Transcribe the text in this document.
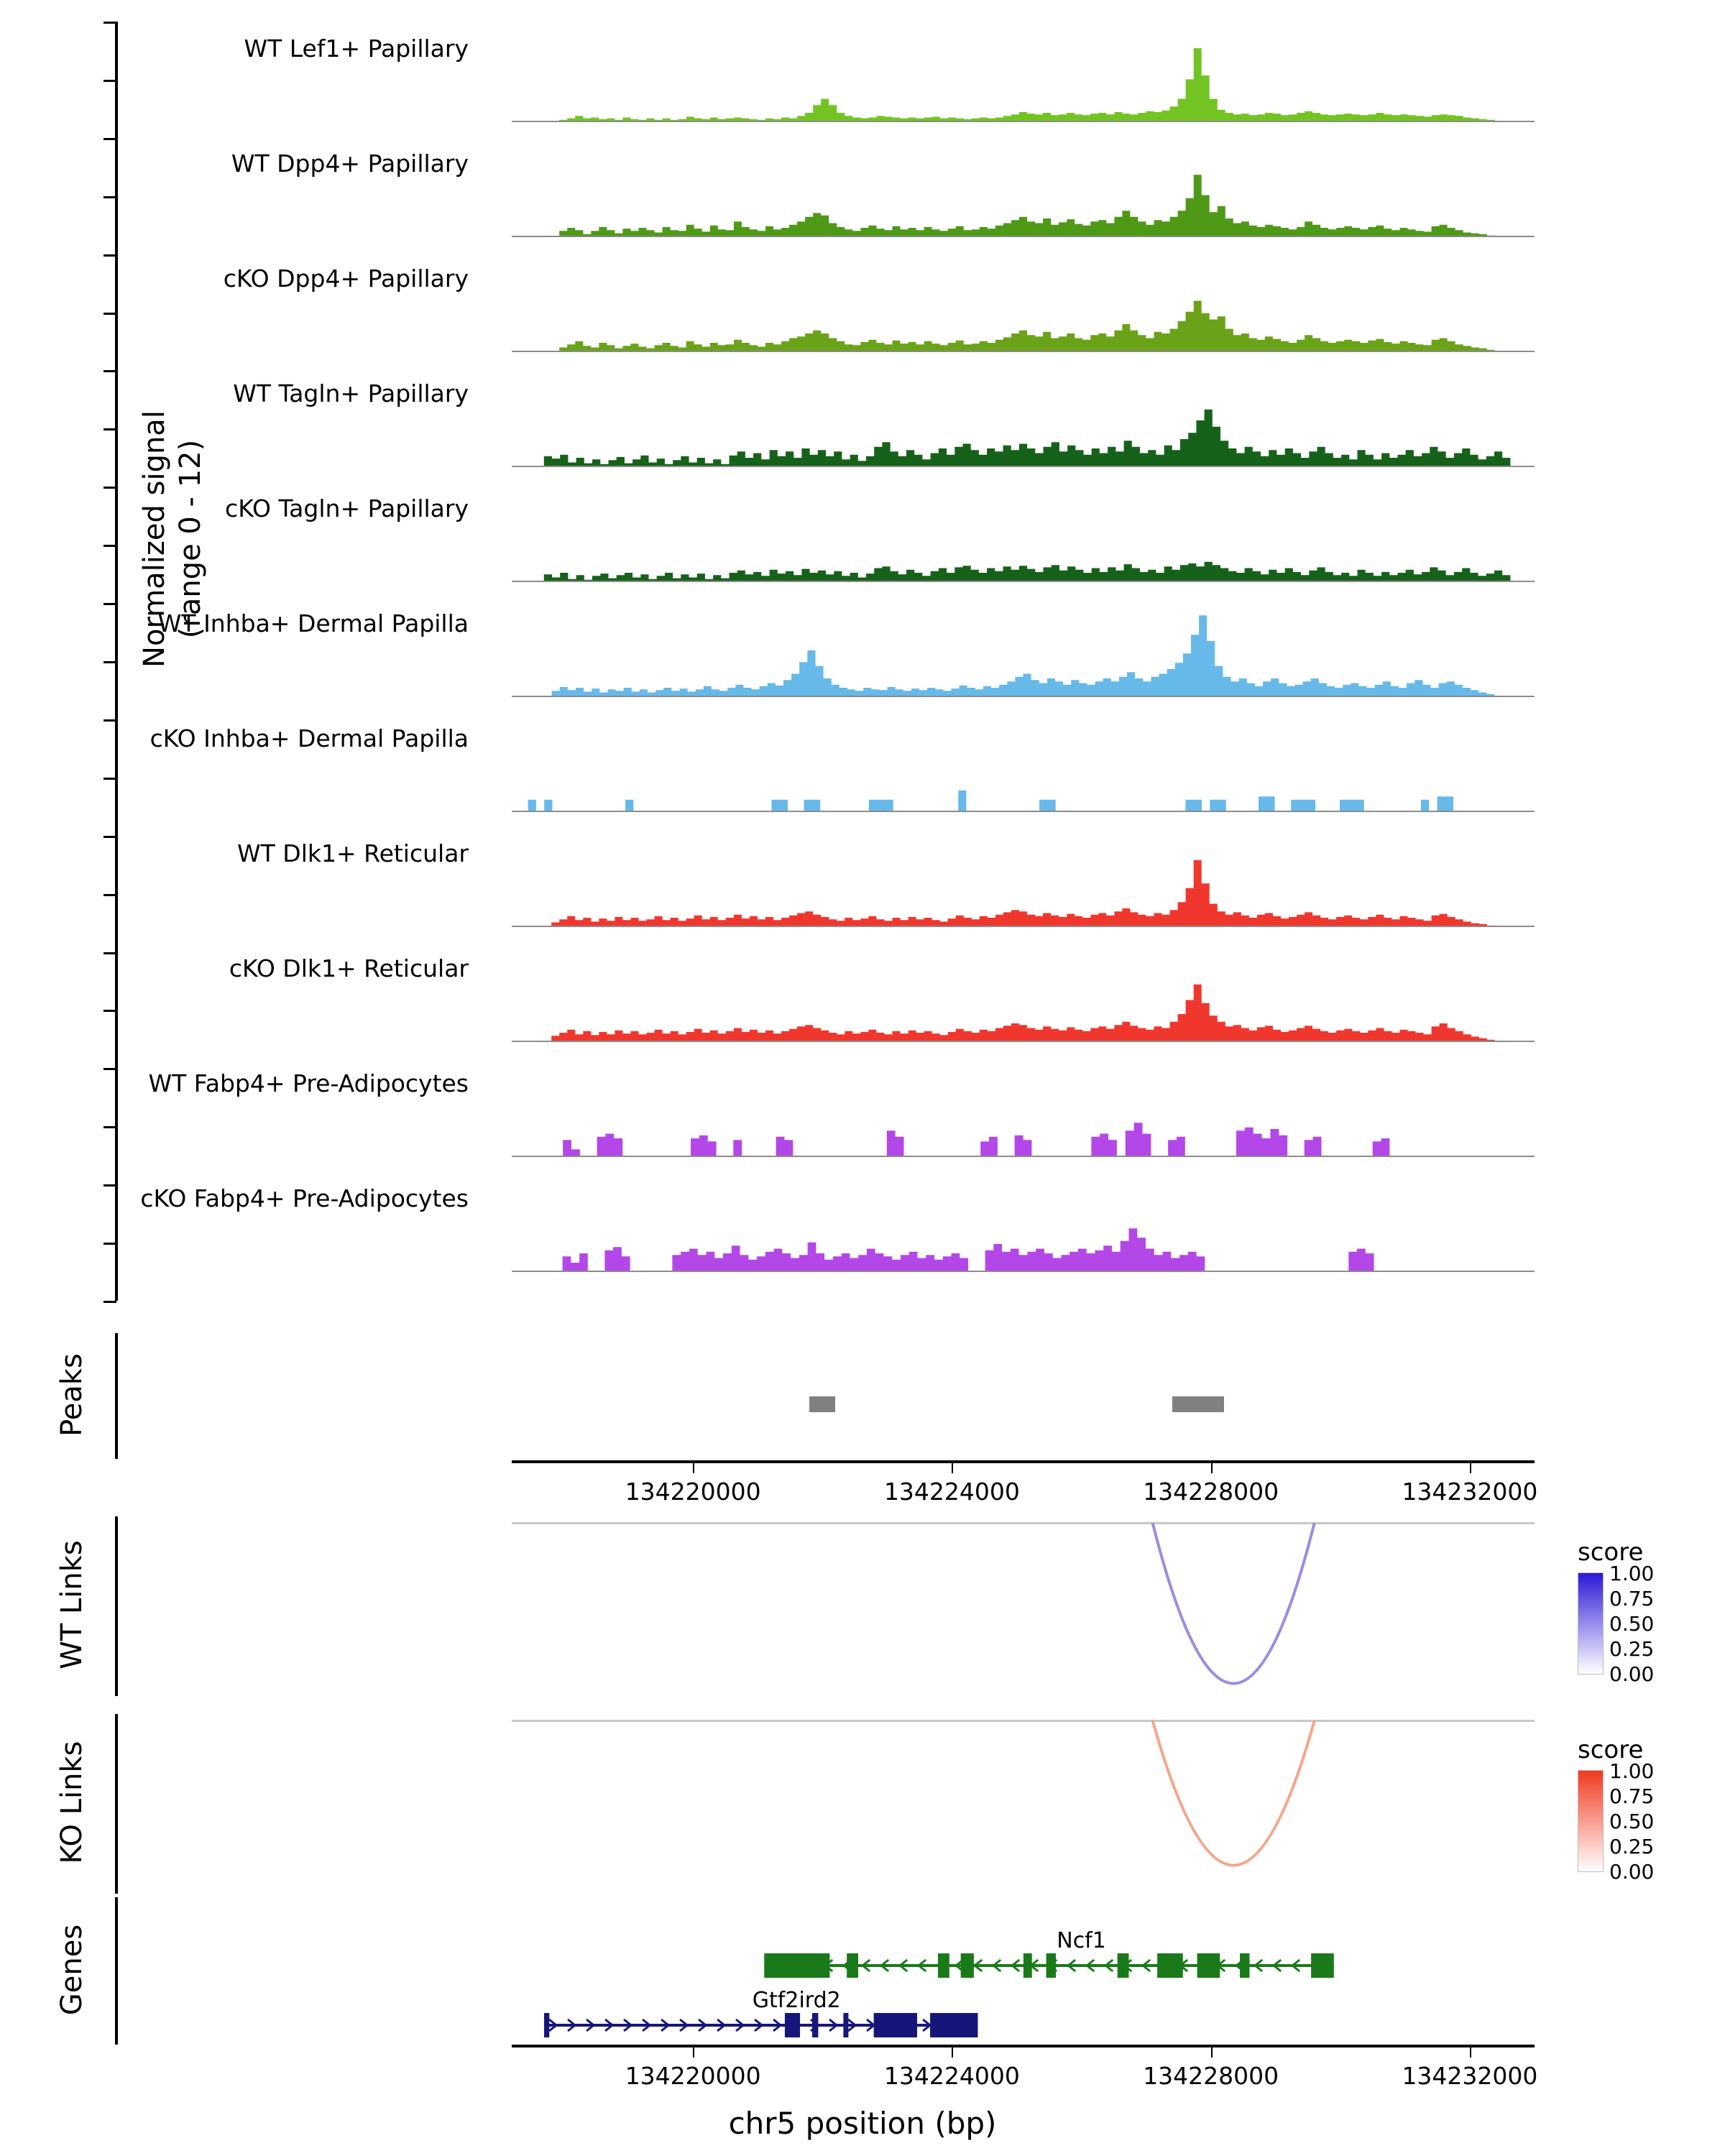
Normalized signal (range 0 - 12)
WT Lef1+ Papillary
WT Dpp4+ Papillary
cKO Dpp4+ Papillary
WT Tagln+ Papillary
cKO Tagln+ Papillary
WT Inhba+ Dermal Papilla
cKO Inhba+ Dermal Papilla
WT Dlk1+ Reticular
cKO Dlk1+ Reticular
WT Fabp4+ Pre-Adipocytes
cKO Fabp4+ Pre-Adipocytes
Peaks
134220000	134224000	134228000	134232000
WT Links
KO Links
Genes	Ncf1
Gtf2ird2
score
1.00
0.75
0.50
0.25
0.00
score
1.00
0.75
0.50
0.25
0.00
134220000	134224000	134228000	134232000
chr5 position (bp)
